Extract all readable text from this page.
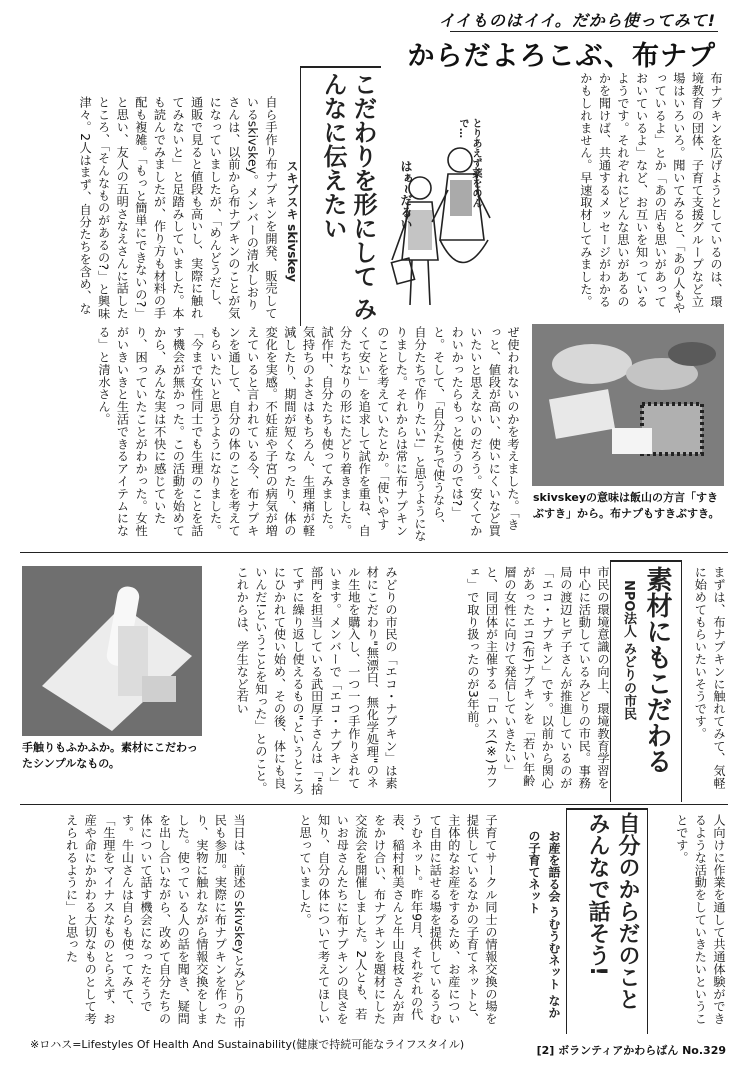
イイものはイイ。だから使ってみて!
からだよろこぶ、布ナプ
布ナプキンを広げようとしているのは、環境教育の団体、子育て支援グループなど立場はいろいろ。聞いてみると、「あの人もやっているよ」とか「あの店も思いがあっておいているよ」など、お互いを知っているようです。それぞれにどんな思いがあるのかを聞けば、共通するメッセージがわかるかもしれません。早速取材してみました。
はぁ~だるい	とりあえず薬をのんで…
こだわりを形にして みんなに伝えたい
スキブスキ skivskey
自ら手作り布ナプキンを開発、販売しているskivskey。メンバーの清水しおりさんは、以前から布ナプキンのことが気になっていましたが、「めんどうだし、通販で見ると値段も高いし、実際に触れてみないと」と足踏みしていました。本も読んでみましたが、作り方も材料の手配も複雑。「もっと簡単にできないの?」と思い、友人の五明さなえさんに話したところ、「そんなものがあるの?」と興味津々。2人はまず、自分たちを含め、な
skivskeyの意味は飯山の方言「すきぶすき」から。布ナプもすきぶすき。
ぜ使われないのかを考えました。「きっと、値段が高い、使いにくいなど買いたいと思えないのだろう。安くてかわいかったらもっと使うのでは?」と。そして、「自分たちで使うなら、自分たちで作りたい!」と思うようになりました。それからは常に布ナプキンのことを考えていたとか。「使いやすくて安い」を追求して試作を重ね、自分たちなりの形にたどり着きました。試作中、自分たちも使ってみました。気持ちのよさはもちろん、生理痛が軽減したり、期間が短くなったり、体の変化を実感。不妊症や子宮の病気が増えていると言われている今、布ナプキンを通して、自分の体のことを考えてもらいたいと思うようになりました。「今まで女性同士でも生理のことを話す機会が無かった。この活動を始めてから、みんな実は不快に感じていたり、困っていたことがわかった。女性がいきいきと生活できるアイテムになる」と清水さん。
手触りもふかふか。素材にこだわったシンプルなもの。	みどりの市民の「エコ・ナプキン」は素材にこだわり"無漂白、無化学処理"のネル生地を購入し、一つ一つ手作りされています。メンバーで「エコ・ナプキン」部門を担当している武田厚子さんは「"捨てずに繰り返し使えるもの"というところにひかれて使い始め、その後、体にも良いんだ!ということを知った」とのこと。これからは、学生など若い	市民の環境意識の向上、環境教育学習を中心に活動しているみどりの市民。事務局の渡辺ヒデ子さんが推進しているのが「エコ・ナプキン」です。以前から関心があったエコ(布)ナプキンを「若い年齢層の女性に向けて発信していきたい」と、同団体が主催する「ロハス(※)カフェ」で取り扱ったのが3年前。	素材にもこだわる
NPO法人 みどりの市民	まずは、布ナプキンに触れてみて、気軽に始めてもらいたいそうです。
当日は、前述のskivskeyとみどりの市民も参加。実際に布ナプキンを作ったり、実物に触れながら情報交換をしました。使っている人の話を聞き、疑問を出し合いながら、改めて自分たちの体について話す機会になったそうです。牛山さんは自らも使ってみて、「生理をマイナスなものとらえず、お産や命にかかわる大切なものとして考えられるように」と思った	子育てサークル同士の情報交換の場を提供しているなかの子育てネットと、主体的なお産をするため、お産について自由に話せる場を提供しているうむうむネット。昨年9月、それぞれの代表、稲村和美さんと牛山良枝さんが声をかけ合い、布ナプキンを題材にした交流会を開催しました。2人とも、若いお母さんたちに布ナプキンの良さを知り、自分の体について考えてほしいと思っていました。	お産を語る会 うむうむネット なかの子育てネット	自分のからだのこと みんなで話そう!	人向けに作業を通して共通体験ができるような活動をしていきたいということです。
※ロハス=Lifestyles Of Health And Sustainability(健康で持続可能なライフスタイル)	[2] ボランティアかわらばん No.329
